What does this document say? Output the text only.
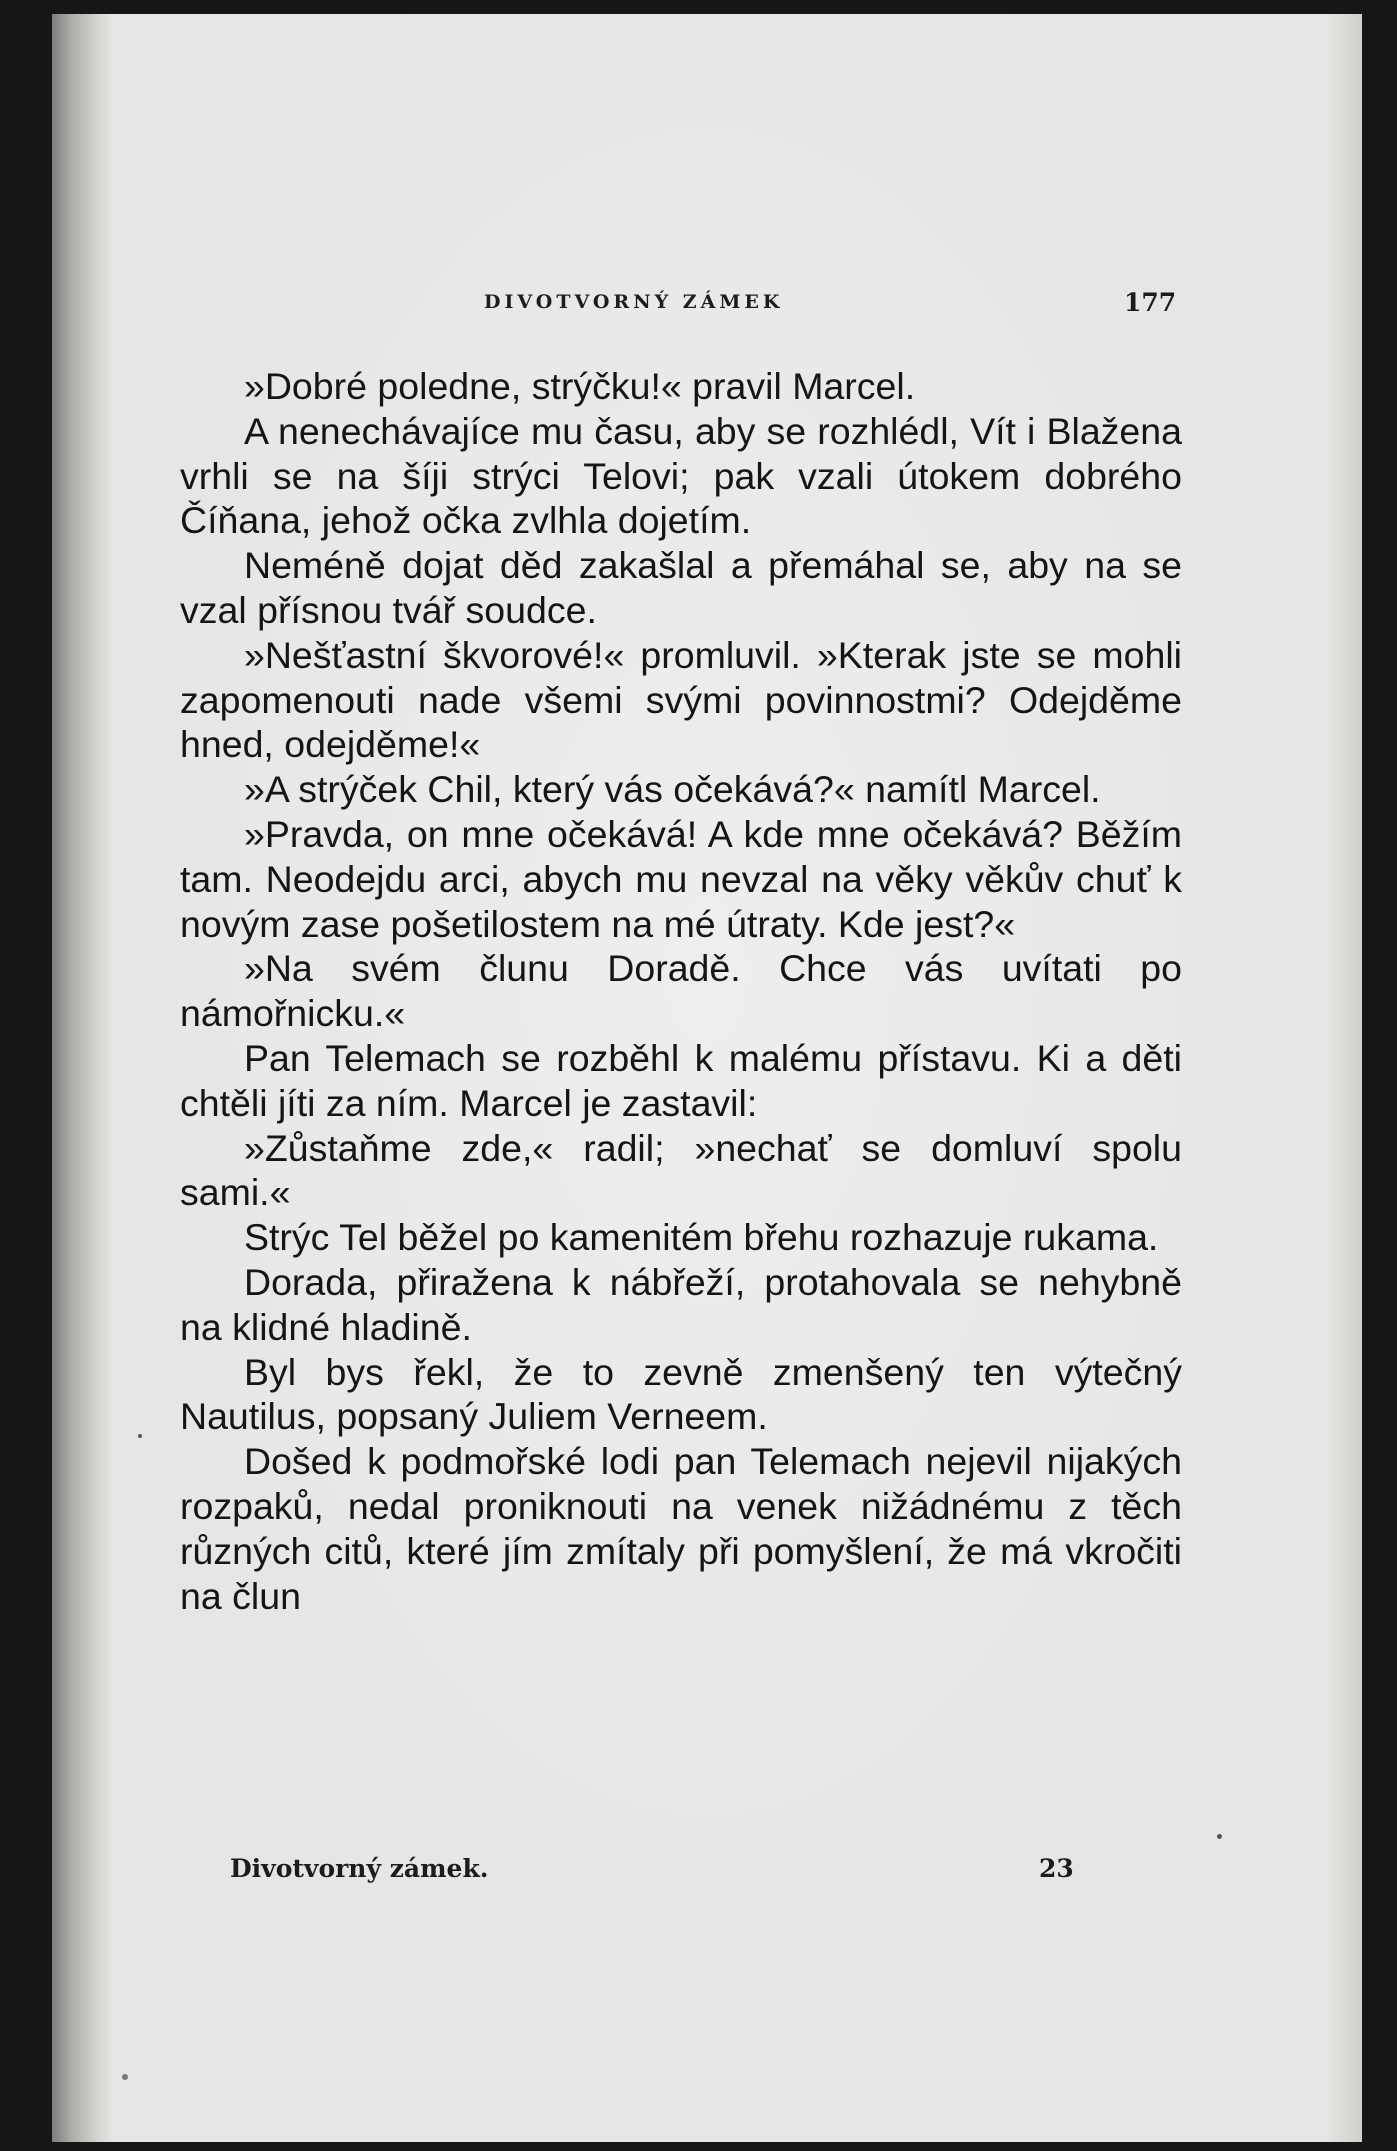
DIVOTVORNÝ ZÁMEK	177

»Dobré poledne, strýčku!« pravil Marcel.

A nenechávajíce mu času, aby se rozhlédl, Vít i Blažena vrhli se na šíji strýci Telovi; pak vzali útokem dobrého Číňana, jehož očka zvlhla dojetím.

Neméně dojat děd zakašlal a přemáhal se, aby na se vzal přísnou tvář soudce.

»Nešťastní škvorové!« promluvil. »Kterak jste se mohli zapomenouti nade všemi svými povinnostmi? Odejděme hned, odejděme!«

»A strýček Chil, který vás očekává?« namítl Marcel.

»Pravda, on mne očekává! A kde mne očekává? Běžím tam. Neodejdu arci, abych mu nevzal na věky věkův chuť k novým zase pošetilostem na mé útraty. Kde jest?«

»Na svém člunu Doradě. Chce vás uvítati po námořnicku.«

Pan Telemach se rozběhl k malému přístavu. Ki a děti chtěli jíti za ním. Marcel je zastavil:

»Zůstaňme zde,« radil; »nechať se domluví spolu sami.«

Strýc Tel běžel po kamenitém břehu rozhazuje rukama.

Dorada, přiražena k nábřeží, protahovala se nehybně na klidné hladině.

Byl bys řekl, že to zevně zmenšený ten výtečný Nautilus, popsaný Juliem Verneem.

Došed k podmořské lodi pan Telemach nejevil nijakých rozpaků, nedal proniknouti na venek nižádnému z těch různých citů, které jím zmítaly při pomyšlení, že má vkročiti na člun

Divotvorný zámek.	23
